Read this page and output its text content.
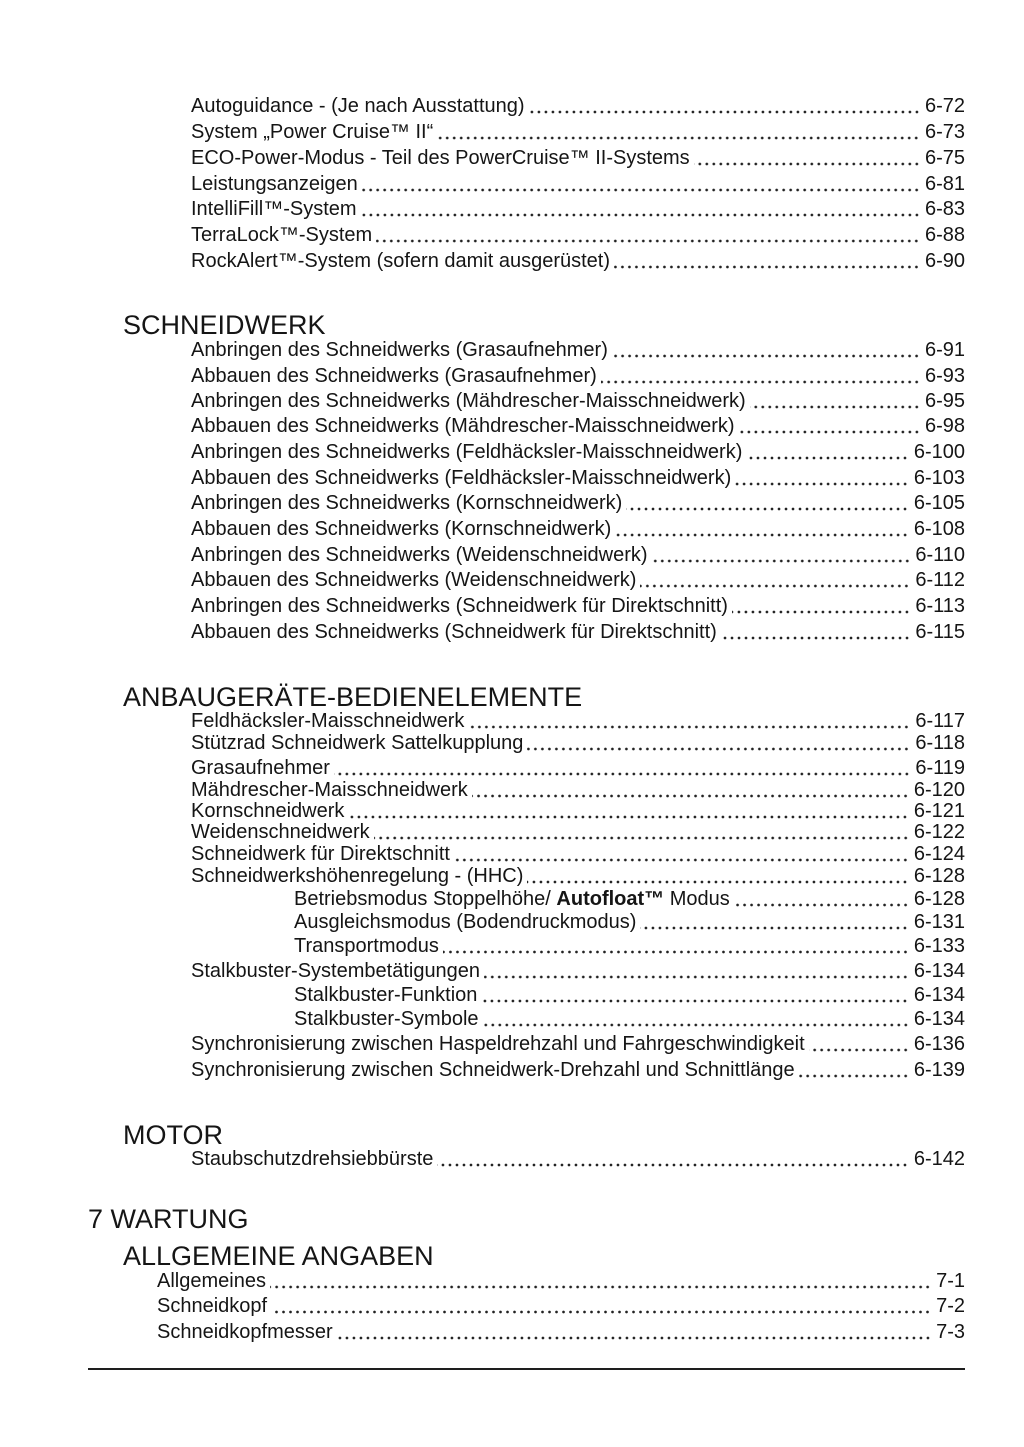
Autoguidance - (Je nach Ausstattung)	6-72
System „Power Cruise™ II“	6-73
ECO-Power-Modus - Teil des PowerCruise™ II-Systems	6-75
Leistungsanzeigen	6-81
IntelliFill™-System	6-83
TerraLock™-System	6-88
RockAlert™-System (sofern damit ausgerüstet)	6-90
SCHNEIDWERK
Anbringen des Schneidwerks (Grasaufnehmer)	6-91
Abbauen des Schneidwerks (Grasaufnehmer)	6-93
Anbringen des Schneidwerks (Mähdrescher-Maisschneidwerk)	6-95
Abbauen des Schneidwerks (Mähdrescher-Maisschneidwerk)	6-98
Anbringen des Schneidwerks (Feldhäcksler-Maisschneidwerk)	6-100
Abbauen des Schneidwerks (Feldhäcksler-Maisschneidwerk)	6-103
Anbringen des Schneidwerks (Kornschneidwerk)	6-105
Abbauen des Schneidwerks (Kornschneidwerk)	6-108
Anbringen des Schneidwerks (Weidenschneidwerk)	6-110
Abbauen des Schneidwerks (Weidenschneidwerk)	6-112
Anbringen des Schneidwerks (Schneidwerk für Direktschnitt)	6-113
Abbauen des Schneidwerks (Schneidwerk für Direktschnitt)	6-115
ANBAUGERÄTE-BEDIENELEMENTE
Feldhäcksler-Maisschneidwerk	6-117
Stützrad Schneidwerk Sattelkupplung	6-118
Grasaufnehmer	6-119
Mähdrescher-Maisschneidwerk	6-120
Kornschneidwerk	6-121
Weidenschneidwerk	6-122
Schneidwerk für Direktschnitt	6-124
Schneidwerkshöhenregelung - (HHC)	6-128
Betriebsmodus Stoppelhöhe/ Autofloat™ Modus	6-128
Ausgleichsmodus (Bodendruckmodus)	6-131
Transportmodus	6-133
Stalkbuster-Systembetätigungen	6-134
Stalkbuster-Funktion	6-134
Stalkbuster-Symbole	6-134
Synchronisierung zwischen Haspeldrehzahl und Fahrgeschwindigkeit	6-136
Synchronisierung zwischen Schneidwerk-Drehzahl und Schnittlänge	6-139
MOTOR
Staubschutzdrehsiebbürste	6-142
7 WARTUNG
ALLGEMEINE ANGABEN
Allgemeines	7-1
Schneidkopf	7-2
Schneidkopfmesser	7-3
